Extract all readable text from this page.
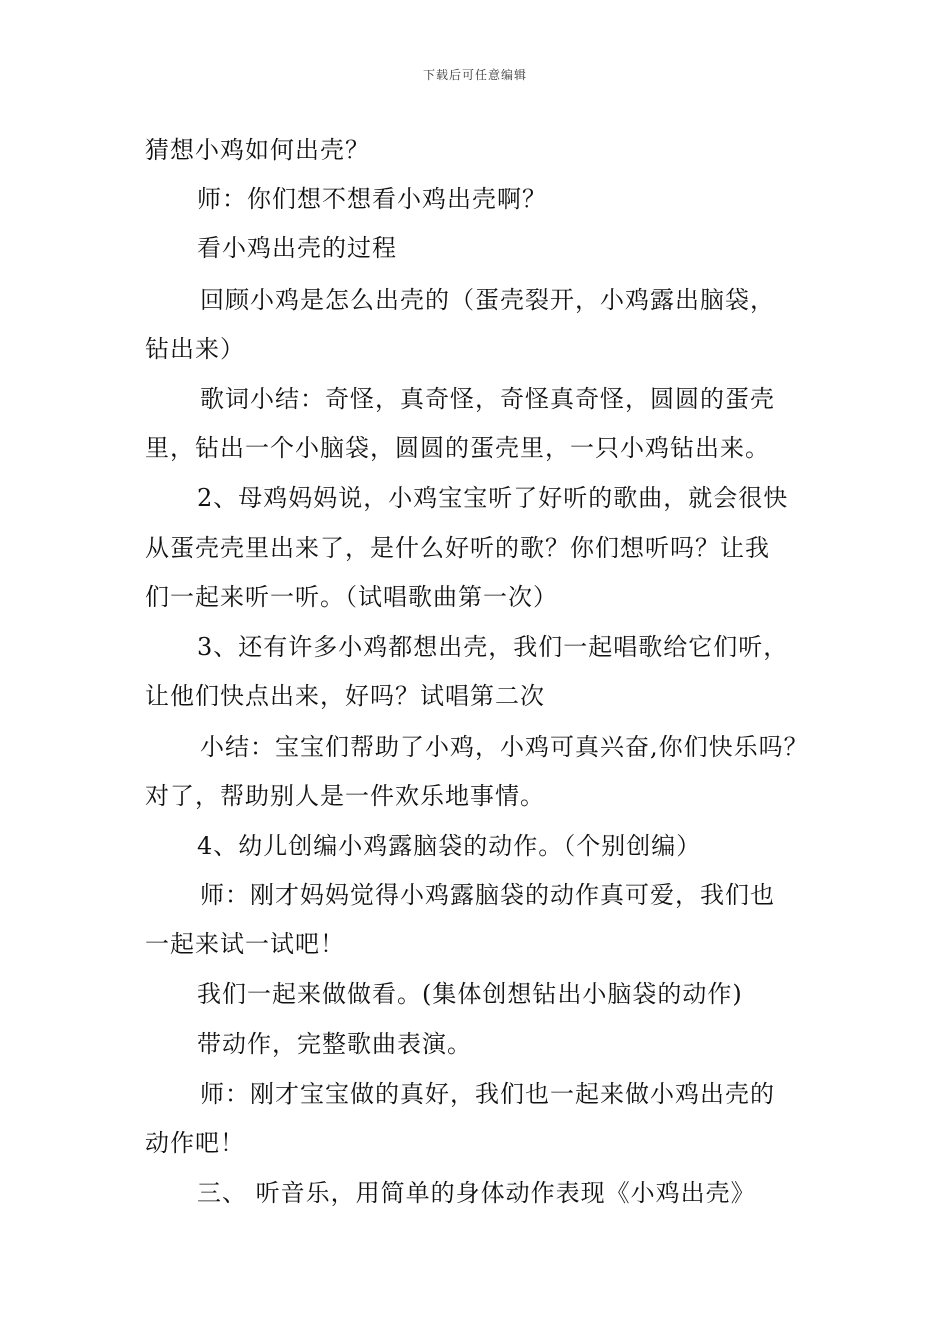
下载后可任意编辑
猜想小鸡如何出壳？
师：你们想不想看小鸡出壳啊？
看小鸡出壳的过程
回顾小鸡是怎么出壳的（蛋壳裂开，小鸡露出脑袋，
钻出来）
歌词小结：奇怪，真奇怪，奇怪真奇怪，圆圆的蛋壳
里，钻出一个小脑袋，圆圆的蛋壳里，一只小鸡钻出来。
2、母鸡妈妈说，小鸡宝宝听了好听的歌曲，就会很快
从蛋壳壳里出来了，是什么好听的歌？你们想听吗？让我
们一起来听一听。（试唱歌曲第一次）
3、还有许多小鸡都想出壳，我们一起唱歌给它们听，
让他们快点出来，好吗？试唱第二次
小结：宝宝们帮助了小鸡，小鸡可真兴奋,你们快乐吗？
对了，帮助别人是一件欢乐地事情。
4、幼儿创编小鸡露脑袋的动作。（个别创编）
师：刚才妈妈觉得小鸡露脑袋的动作真可爱，我们也
一起来试一试吧！
我们一起来做做看。(集体创想钻出小脑袋的动作)
带动作，完整歌曲表演。
师：刚才宝宝做的真好，我们也一起来做小鸡出壳的
动作吧！
三、 听音乐，用简单的身体动作表现《小鸡出壳》
